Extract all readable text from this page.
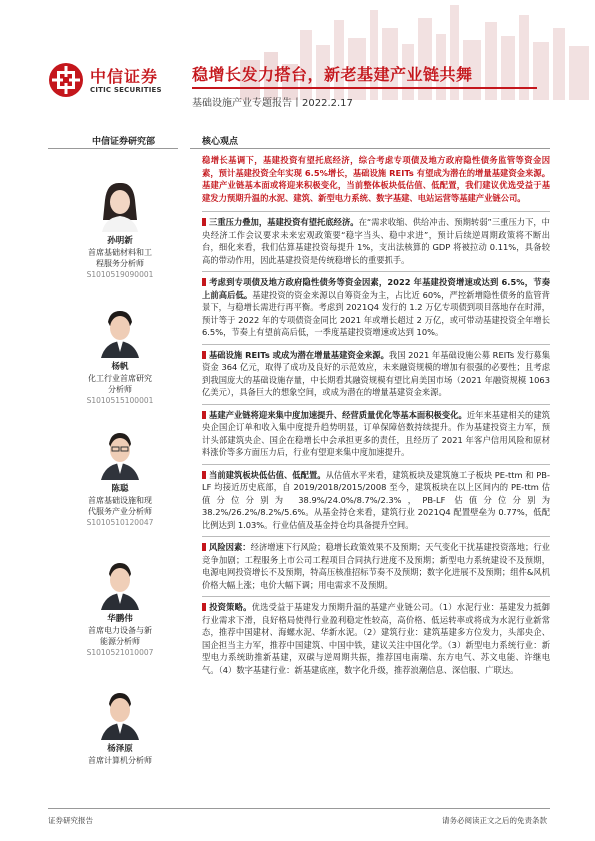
中信证券
CITIC SECURITIES
稳增长发力搭台，新老基建产业链共舞
基础设施产业专题报告丨2022.2.17
中信证券研究部	核心观点
孙明新
首席基础材料和工
程服务分析师
S1010519090001
杨帆
化工行业首席研究
分析师
S1010515100001
陈聪
首席基础设施和现
代服务产业分析师
S1010510120047
华鹏伟
首席电力设备与新
能源分析师
S1010521010007
杨泽原
首席计算机分析师
稳增长基调下，基建投资有望托底经济，综合考虑专项债及地方政府隐性债务监管等资金因素，预计基建投资全年实现 6.5%增长，基础设施 REITs 有望成为潜在的增量基建资金来源。基建产业链基本面或将迎来积极变化，当前整体板块低估值、低配置，我们建议优选受益于基建发力预期升温的水泥、建筑、新型电力系统、数字基建、电站运营等基建产业链公司。
三重压力叠加，基建投资有望托底经济。在“需求收缩、供给冲击、预期转弱”三重压力下，中央经济工作会议要求未来宏观政策要“稳字当头、稳中求进”，预计后续逆周期政策将不断出台，细化来看，我们估算基建投资每提升 1%，支出法核算的 GDP 将被拉动 0.11%，具备较高的带动作用，因此基建投资是传统稳增长的重要抓手。
考虑到专项债及地方政府隐性债务等资金因素，2022 年基建投资增速或达到 6.5%，节奏上前高后低。基建投资的资金来源以自筹资金为主，占比近 60%，严控新增隐性债务的监管背景下，与稳增长需进行再平衡。考虑到 2021Q4 发行的 1.2 万亿专项债到项目落地存在时滞，预计等于 2022 年的专项债资金同比 2021 年或增长超过 2 万亿，或可带动基建投资全年增长 6.5%，节奏上有望前高后低，一季度基建投资增速或达到 10%。
基础设施 REITs 或成为潜在增量基建资金来源。我国 2021 年基础设施公募 REITs 发行募集资金 364 亿元，取得了成功及良好的示范效应，未来融资规模的增加有很强的必要性；且考虑到我国庞大的基础设施存量，中长期看其融资规模有望比肩美国市场（2021 年融资规模 1063 亿美元），具备巨大的想象空间，或成为潜在的增量基建资金来源。
基建产业链将迎来集中度加速提升、经营质量优化等基本面积极变化。近年来基建相关的建筑央企国企订单和收入集中度提升趋势明显，订单保障倍数持续提升。作为基建投资主力军，预计头部建筑央企、国企在稳增长中会承担更多的责任，且经历了 2021 年客户信用风险和原材料涨价等多方面压力后，行业有望迎来集中度加速提升。
当前建筑板块低估值、低配置。从估值水平来看，建筑板块及建筑施工子板块 PE-ttm 和 PB-LF 均接近历史底部，自 2019/2018/2015/2008 至今，建筑板块在以上区间内的 PE-ttm 估值分位分别为 38.9%/24.0%/8.7%/2.3%，PB-LF 估值分位分别为 38.2%/26.2%/8.2%/5.6%。从基金持仓来看，建筑行业 2021Q4 配置壁垒为 0.77%，低配比例达到 1.03%。行业估值及基金持仓均具备提升空间。
风险因素：经济增速下行风险；稳增长政策效果不及预期；天气变化干扰基建投资落地；行业竞争加剧；工程服务上市公司工程项目合同执行进度不及预期；新型电力系统建设不及预期，电源电网投资增长不及预期，特高压核准招标节奏不及预期；数字化进展不及预期；组件&风机价格大幅上涨；电价大幅下调；用电需求不及预期。
投资策略。优选受益于基建发力预期升温的基建产业链公司。（1）水泥行业：基建发力抵御行业需求下滑，良好格局使得行业盈利稳定性较高，高价格、低运转率或将成为水泥行业新常态，推荐中国建材、海螺水泥、华新水泥。（2）建筑行业：建筑基建多方位发力，头部央企、国企担当主力军，推荐中国建筑、中国中铁，建议关注中国化学。（3）新型电力系统行业：新型电力系统助推新基建，双碳与逆周期共振，推荐国电南瑞、东方电气、苏文电能、许继电气。（4）数字基建行业：新基建底座，数字化升级，推荐浪潮信息、深信服、广联达。
证券研究报告	请务必阅读正文之后的免责条款
